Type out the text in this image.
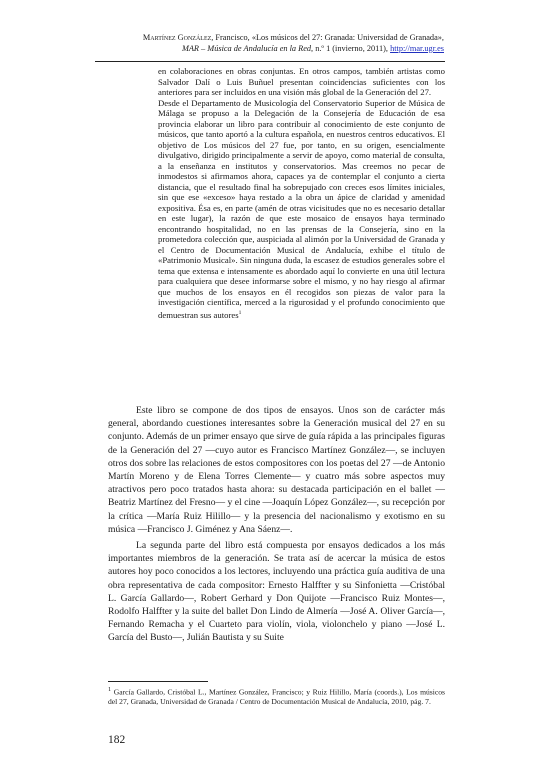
Martínez González, Francisco, «Los músicos del 27: Granada: Universidad de Granada»,
MAR – Música de Andalucía en la Red, n.º 1 (invierno, 2011), http://mar.ugr.es

en colaboraciones en obras conjuntas. En otros campos, también artistas como Salvador Dalí o Luis Buñuel presentan coincidencias suficientes con los anteriores para ser incluidos en una visión más global de la Generación del 27.

Desde el Departamento de Musicología del Conservatorio Superior de Música de Málaga se propuso a la Delegación de la Consejería de Educación de esa provincia elaborar un libro para contribuir al conocimiento de este conjunto de músicos, que tanto aportó a la cultura española, en nuestros centros educativos. El objetivo de Los músicos del 27 fue, por tanto, en su origen, esencialmente divulgativo, dirigido principalmente a servir de apoyo, como material de consulta, a la enseñanza en institutos y conservatorios. Mas creemos no pecar de inmodestos si afirmamos ahora, capaces ya de contemplar el conjunto a cierta distancia, que el resultado final ha sobrepujado con creces esos límites iniciales, sin que ese «exceso» haya restado a la obra un ápice de claridad y amenidad expositiva. Ésa es, en parte (amén de otras vicisitudes que no es necesario detallar en este lugar), la razón de que este mosaico de ensayos haya terminado encontrando hospitalidad, no en las prensas de la Consejería, sino en la prometedora colección que, auspiciada al alimón por la Universidad de Granada y el Centro de Documentación Musical de Andalucía, exhibe el título de «Patrimonio Musical». Sin ninguna duda, la escasez de estudios generales sobre el tema que extensa e intensamente es abordado aquí lo convierte en una útil lectura para cualquiera que desee informarse sobre el mismo, y no hay riesgo al afirmar que muchos de los ensayos en él recogidos son piezas de valor para la investigación científica, merced a la rigurosidad y el profundo conocimiento que demuestran sus autores$^1$

Este libro se compone de dos tipos de ensayos. Unos son de carácter más general, abordando cuestiones interesantes sobre la Generación musical del 27 en su conjunto. Además de un primer ensayo que sirve de guía rápida a las principales figuras de la Generación del 27 —cuyo autor es Francisco Martínez González—, se incluyen otros dos sobre las relaciones de estos compositores con los poetas del 27 —de Antonio Martín Moreno y de Elena Torres Clemente— y cuatro más sobre aspectos muy atractivos pero poco tratados hasta ahora: su destacada participación en el ballet —Beatriz Martínez del Fresno— y el cine —Joaquín López González—, su recepción por la crítica —María Ruiz Hilillo— y la presencia del nacionalismo y exotismo en su música —Francisco J. Giménez y Ana Sáenz—.

La segunda parte del libro está compuesta por ensayos dedicados a los más importantes miembros de la generación. Se trata así de acercar la música de estos autores hoy poco conocidos a los lectores, incluyendo una práctica guía auditiva de una obra representativa de cada compositor: Ernesto Halffter y su Sinfonietta —Cristóbal L. García Gallardo—, Robert Gerhard y Don Quijote —Francisco Ruiz Montes—, Rodolfo Halffter y la suite del ballet Don Lindo de Almería —José A. Oliver García—, Fernando Remacha y el Cuarteto para violín, viola, violonchelo y piano —José L. García del Busto—, Julián Bautista y su Suite

$^1$ García Gallardo, Cristóbal L., Martínez González, Francisco; y Ruiz Hilillo, María (coords.), Los músicos del 27, Granada, Universidad de Granada / Centro de Documentación Musical de Andalucía, 2010, pág. 7.
182
